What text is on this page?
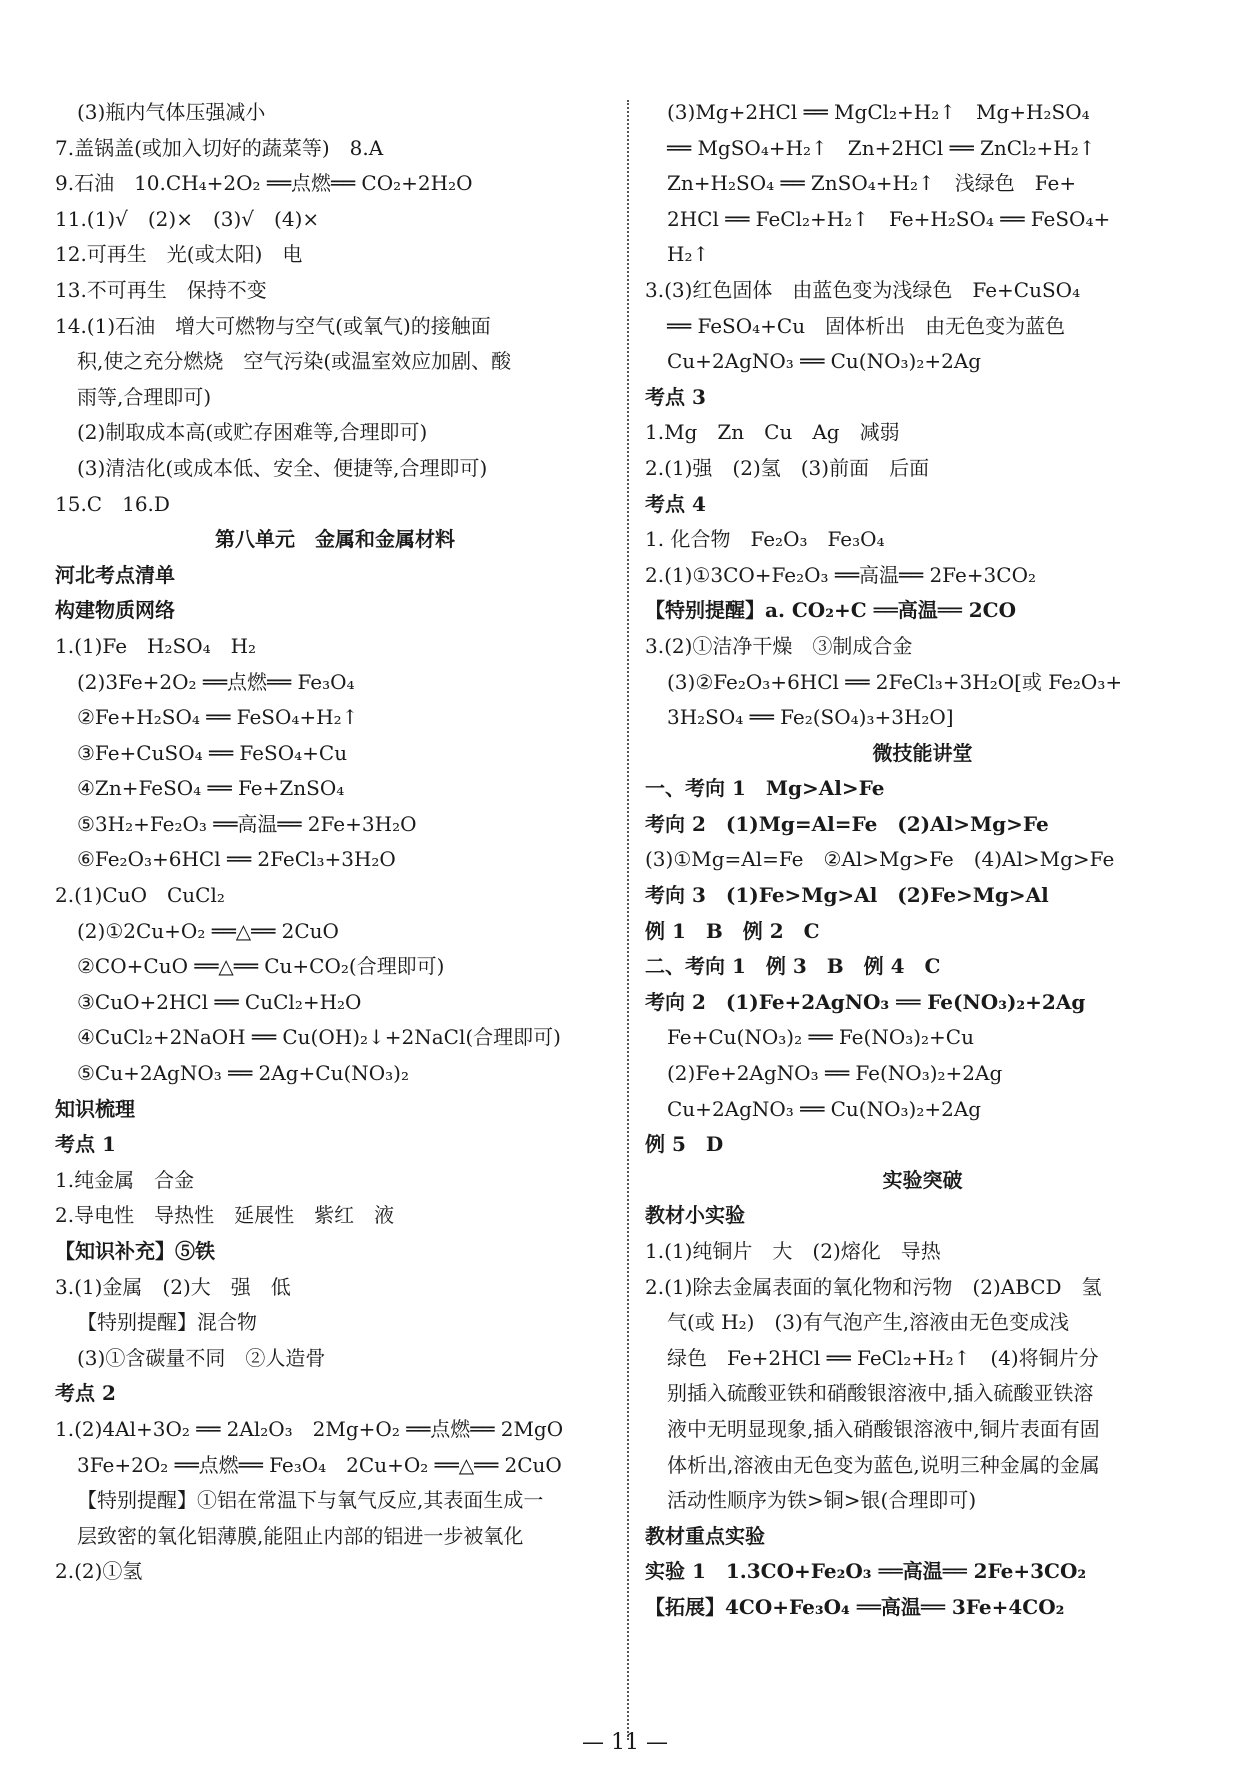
(3)瓶内气体压强减小
7.盖锅盖(或加入切好的蔬菜等)　8.A
9.石油　10.CH₄+2O₂ ══点燃══ CO₂+2H₂O
11.(1)√　(2)×　(3)√　(4)×
12.可再生　光(或太阳)　电
13.不可再生　保持不变
14.(1)石油　增大可燃物与空气(或氧气)的接触面
积,使之充分燃烧　空气污染(或温室效应加剧、酸
雨等,合理即可)
(2)制取成本高(或贮存困难等,合理即可)
(3)清洁化(或成本低、安全、便捷等,合理即可)
15.C　16.D
第八单元　金属和金属材料
河北考点清单
构建物质网络
1.(1)Fe　H₂SO₄　H₂
(2)3Fe+2O₂ ══点燃══ Fe₃O₄
②Fe+H₂SO₄ ══ FeSO₄+H₂↑
③Fe+CuSO₄ ══ FeSO₄+Cu
④Zn+FeSO₄ ══ Fe+ZnSO₄
⑤3H₂+Fe₂O₃ ══高温══ 2Fe+3H₂O
⑥Fe₂O₃+6HCl ══ 2FeCl₃+3H₂O
2.(1)CuO　CuCl₂
(2)①2Cu+O₂ ══△══ 2CuO
②CO+CuO ══△══ Cu+CO₂(合理即可)
③CuO+2HCl ══ CuCl₂+H₂O
④CuCl₂+2NaOH ══ Cu(OH)₂↓+2NaCl(合理即可)
⑤Cu+2AgNO₃ ══ 2Ag+Cu(NO₃)₂
知识梳理
考点 1
1.纯金属　合金
2.导电性　导热性　延展性　紫红　液
【知识补充】⑤铁
3.(1)金属　(2)大　强　低
【特别提醒】混合物
(3)①含碳量不同　②人造骨
考点 2
1.(2)4Al+3O₂ ══ 2Al₂O₃　2Mg+O₂ ══点燃══ 2MgO
3Fe+2O₂ ══点燃══ Fe₃O₄　2Cu+O₂ ══△══ 2CuO
【特别提醒】①铝在常温下与氧气反应,其表面生成一
层致密的氧化铝薄膜,能阻止内部的铝进一步被氧化
2.(2)①氢
(3)Mg+2HCl ══ MgCl₂+H₂↑　Mg+H₂SO₄
══ MgSO₄+H₂↑　Zn+2HCl ══ ZnCl₂+H₂↑
Zn+H₂SO₄ ══ ZnSO₄+H₂↑　浅绿色　Fe+
2HCl ══ FeCl₂+H₂↑　Fe+H₂SO₄ ══ FeSO₄+
H₂↑
3.(3)红色固体　由蓝色变为浅绿色　Fe+CuSO₄
══ FeSO₄+Cu　固体析出　由无色变为蓝色
Cu+2AgNO₃ ══ Cu(NO₃)₂+2Ag
考点 3
1.Mg　Zn　Cu　Ag　减弱
2.(1)强　(2)氢　(3)前面　后面
考点 4
1. 化合物　Fe₂O₃　Fe₃O₄
2.(1)①3CO+Fe₂O₃ ══高温══ 2Fe+3CO₂
【特别提醒】a. CO₂+C ══高温══ 2CO
3.(2)①洁净干燥　③制成合金
(3)②Fe₂O₃+6HCl ══ 2FeCl₃+3H₂O[或 Fe₂O₃+
3H₂SO₄ ══ Fe₂(SO₄)₃+3H₂O]
微技能讲堂
一、考向 1　Mg>Al>Fe
考向 2　(1)Mg=Al=Fe　(2)Al>Mg>Fe
(3)①Mg=Al=Fe　②Al>Mg>Fe　(4)Al>Mg>Fe
考向 3　(1)Fe>Mg>Al　(2)Fe>Mg>Al
例 1　B　例 2　C
二、考向 1　例 3　B　例 4　C
考向 2　(1)Fe+2AgNO₃ ══ Fe(NO₃)₂+2Ag
Fe+Cu(NO₃)₂ ══ Fe(NO₃)₂+Cu
(2)Fe+2AgNO₃ ══ Fe(NO₃)₂+2Ag
Cu+2AgNO₃ ══ Cu(NO₃)₂+2Ag
例 5　D
实验突破
教材小实验
1.(1)纯铜片　大　(2)熔化　导热
2.(1)除去金属表面的氧化物和污物　(2)ABCD　氢
气(或 H₂)　(3)有气泡产生,溶液由无色变成浅
绿色　Fe+2HCl ══ FeCl₂+H₂↑　(4)将铜片分
别插入硫酸亚铁和硝酸银溶液中,插入硫酸亚铁溶
液中无明显现象,插入硝酸银溶液中,铜片表面有固
体析出,溶液由无色变为蓝色,说明三种金属的金属
活动性顺序为铁>铜>银(合理即可)
教材重点实验
实验 1　1.3CO+Fe₂O₃ ══高温══ 2Fe+3CO₂
【拓展】4CO+Fe₃O₄ ══高温══ 3Fe+4CO₂
— 11 —
